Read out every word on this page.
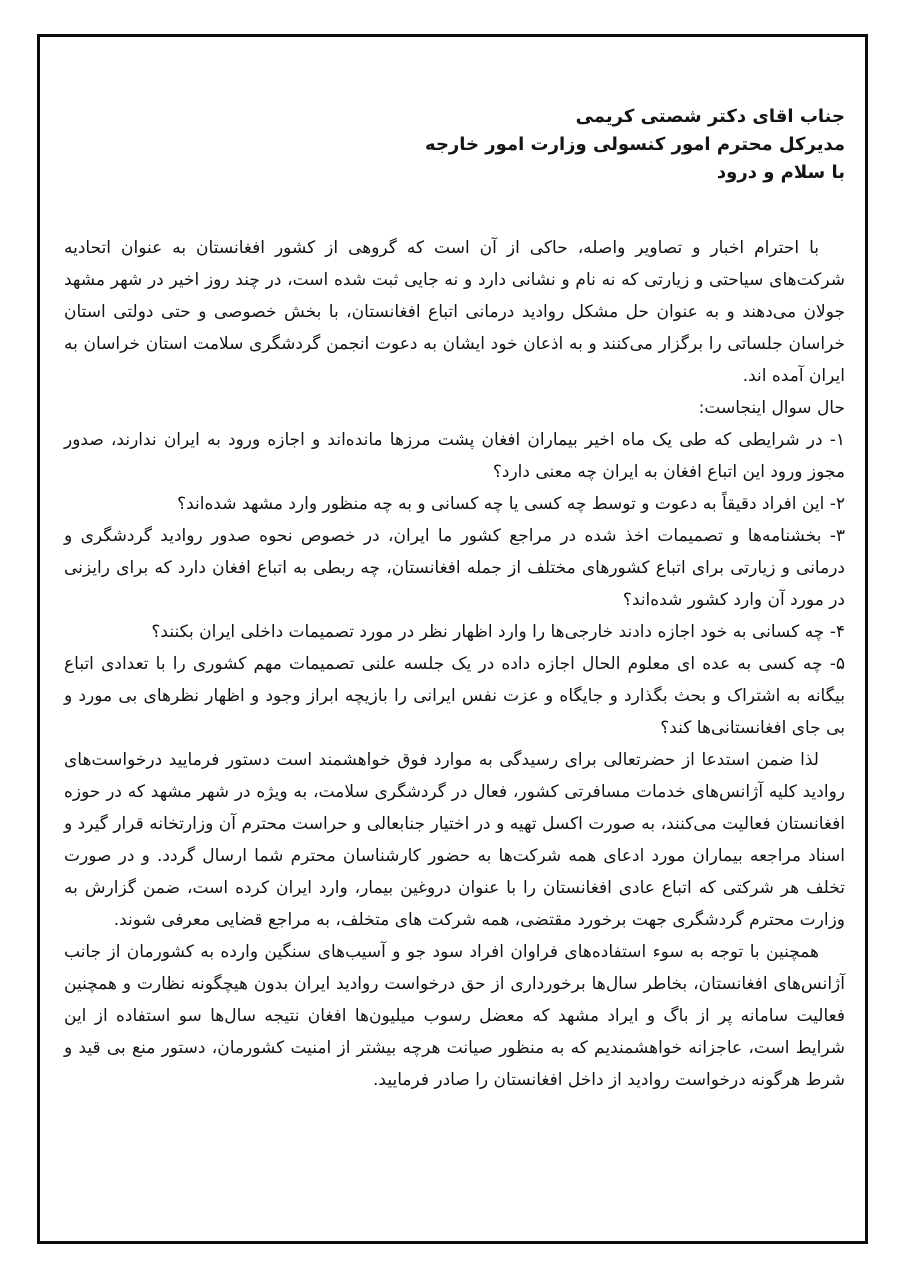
جناب اقای دکتر شصتی کریمی

مدیرکل محترم امور کنسولی وزارت امور خارجه

با سلام و درود

با احترام اخبار و تصاویر واصله، حاکی از آن است که گروهی از کشور افغانستان به عنوان اتحادیه شرکت‌های سیاحتی و زیارتی که نه نام و نشانی دارد و نه جایی ثبت شده است، در چند روز اخیر در شهر مشهد جولان می‌دهند و به عنوان حل مشکل روادید درمانی اتباع افغانستان، با بخش خصوصی و حتی دولتی استان خراسان جلساتی را برگزار می‌کنند و به اذعان خود ایشان به دعوت انجمن گردشگری سلامت استان خراسان به ایران آمده اند.

حال سوال اینجاست:

۱- در شرایطی که طی یک ماه اخیر بیماران افغان پشت مرزها مانده‌اند و اجازه ورود به ایران ندارند، صدور مجوز ورود این اتباع افغان به ایران چه معنی دارد؟

۲- این افراد دقیقاً به دعوت و توسط چه کسی یا چه کسانی و به چه منظور وارد مشهد شده‌اند؟

۳- بخشنامه‌ها و تصمیمات اخذ شده در مراجع کشور ما ایران، در خصوص نحوه صدور روادید گردشگری و درمانی و زیارتی برای اتباع کشورهای مختلف از جمله افغانستان، چه ربطی به اتباع افغان دارد که برای رایزنی در مورد آن وارد کشور شده‌اند؟

۴- چه کسانی به خود اجازه دادند خارجی‌ها را وارد اظهار نظر در مورد تصمیمات داخلی ایران بکنند؟

۵- چه کسی به عده ای معلوم الحال اجازه داده در یک جلسه علنی تصمیمات مهم کشوری را با تعدادی اتباع بیگانه به اشتراک و بحث بگذارد و جایگاه و عزت نفس ایرانی را بازیچه ابراز وجود و اظهار نظرهای بی مورد و بی جای افغانستانی‌ها کند؟

لذا ضمن استدعا از حضرتعالی برای رسیدگی به موارد فوق خواهشمند است دستور فرمایید درخواست‌های روادید کلیه آژانس‌های خدمات مسافرتی کشور، فعال در گردشگری سلامت، به ویژه در شهر مشهد که در حوزه افغانستان فعالیت می‌کنند، به صورت اکسل تهیه و در اختیار جنابعالی و حراست محترم آن وزارتخانه قرار گیرد و اسناد مراجعه بیماران مورد ادعای همه شرکت‌ها به حضور کارشناسان محترم شما ارسال گردد. و در صورت تخلف هر شرکتی که اتباع عادی افغانستان را با عنوان دروغین بیمار، وارد ایران کرده است، ضمن گزارش به وزارت محترم گردشگری جهت برخورد مقتضی، همه شرکت های متخلف، به مراجع قضایی معرفی شوند.

همچنین با توجه به سوء استفاده‌های فراوان افراد سود جو و آسیب‌های سنگین وارده به کشورمان از جانب آژانس‌های افغانستان، بخاطر سال‌ها برخورداری از حق درخواست روادید ایران بدون هیچگونه نظارت و همچنین فعالیت سامانه پر از باگ و ایراد مشهد که معضل رسوب میلیون‌ها افغان نتیجه سال‌ها سو استفاده از این شرایط است، عاجزانه خواهشمندیم که به منظور صیانت هرچه بیشتر از امنیت کشورمان، دستور منع بی قید و شرط هرگونه درخواست روادید از داخل افغانستان را صادر فرمایید.
